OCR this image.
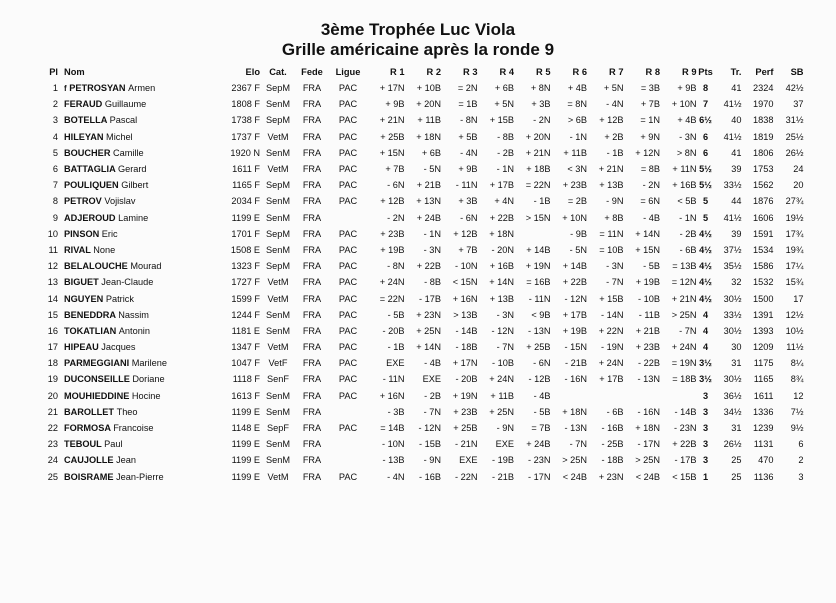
3ème Trophée Luc Viola
Grille américaine après la ronde 9
Pl	Nom	Elo	Cat.	Fede	Ligue	R 1	R 2	R 3	R 4	R 5	R 6	R 7	R 8	R 9	Pts	Tr.	Perf	SB
1	f PETROSYAN Armen	2367 F	SepM	FRA	PAC	+ 17N	+ 10B	= 2N	+ 6B	+ 8N	+ 4B	+ 5N	= 3B	+ 9B	8	41	2324	42½
2	FERAUD Guillaume	1808 F	SenM	FRA	PAC	+ 9B	+ 20N	= 1B	+ 5N	+ 3B	= 8N	- 4N	+ 7B	+ 10N	7	41½	1970	37
3	BOTELLA Pascal	1738 F	SepM	FRA	PAC	+ 21N	+ 11B	- 8N	+ 15B	- 2N	> 6B	+ 12B	= 1N	+ 4B	6½	40	1838	31½
4	HILEYAN Michel	1737 F	VetM	FRA	PAC	+ 25B	+ 18N	+ 5B	- 8B	+ 20N	- 1N	+ 2B	+ 9N	- 3N	6	41½	1819	25½
5	BOUCHER Camille	1920 N	SenM	FRA	PAC	+ 15N	+ 6B	- 4N	- 2B	+ 21N	+ 11B	- 1B	+ 12N	> 8N	6	41	1806	26½
6	BATTAGLIA Gerard	1611 F	VetM	FRA	PAC	+ 7B	- 5N	+ 9B	- 1N	+ 18B	< 3N	+ 21N	= 8B	+ 11N	5½	39	1753	24
7	POULIQUEN Gilbert	1165 F	SepM	FRA	PAC	- 6N	+ 21B	- 11N	+ 17B	= 22N	+ 23B	+ 13B	- 2N	+ 16B	5½	33½	1562	20
8	PETROV Vojislav	2034 F	SenM	FRA	PAC	+ 12B	+ 13N	+ 3B	+ 4N	- 1B	= 2B	- 9N	= 6N	< 5B	5	44	1876	27¾
9	ADJEROUD Lamine	1199 E	SenM	FRA		- 2N	+ 24B	- 6N	+ 22B	> 15N	+ 10N	+ 8B	- 4B	- 1N	5	41½	1606	19½
10	PINSON Eric	1701 F	SepM	FRA	PAC	+ 23B	- 1N	+ 12B	+ 18N		- 9B	= 11N	+ 14N	- 2B	4½	39	1591	17¾
11	RIVAL None	1508 E	SenM	FRA	PAC	+ 19B	- 3N	+ 7B	- 20N	+ 14B	- 5N	= 10B	+ 15N	- 6B	4½	37½	1534	19¾
12	BELALOUCHE Mourad	1323 F	SepM	FRA	PAC	- 8N	+ 22B	- 10N	+ 16B	+ 19N	+ 14B	- 3N	- 5B	= 13B	4½	35½	1586	17¼
13	BIGUET Jean-Claude	1727 F	VetM	FRA	PAC	+ 24N	- 8B	< 15N	+ 14N	= 16B	+ 22B	- 7N	+ 19B	= 12N	4½	32	1532	15¾
14	NGUYEN Patrick	1599 F	VetM	FRA	PAC	= 22N	- 17B	+ 16N	+ 13B	- 11N	- 12N	+ 15B	- 10B	+ 21N	4½	30½	1500	17
15	BENEDDRA Nassim	1244 F	SenM	FRA	PAC	- 5B	+ 23N	> 13B	- 3N	< 9B	+ 17B	- 14N	- 11B	> 25N	4	33½	1391	12½
16	TOKATLIAN Antonin	1181 E	SenM	FRA	PAC	- 20B	+ 25N	- 14B	- 12N	- 13N	+ 19B	+ 22N	+ 21B	- 7N	4	30½	1393	10½
17	HIPEAU Jacques	1347 F	VetM	FRA	PAC	- 1B	+ 14N	- 18B	- 7N	+ 25B	- 15N	- 19N	+ 23B	+ 24N	4	30	1209	11½
18	PARMEGGIANI Marilene	1047 F	VetF	FRA	PAC	EXE	- 4B	+ 17N	- 10B	- 6N	- 21B	+ 24N	- 22B	= 19N	3½	31	1175	8¼
19	DUCONSEILLE Doriane	1118 F	SenF	FRA	PAC	- 11N	EXE	- 20B	+ 24N	- 12B	- 16N	+ 17B	- 13N	= 18B	3½	30½	1165	8¾
20	MOUHIEDDINE Hocine	1613 F	SenM	FRA	PAC	+ 16N	- 2B	+ 19N	+ 11B	- 4B					3	36½	1611	12
21	BAROLLET Theo	1199 E	SenM	FRA		- 3B	- 7N	+ 23B	+ 25N	- 5B	+ 18N	- 6B	- 16N	- 14B	3	34½	1336	7½
22	FORMOSA Francoise	1148 E	SepF	FRA	PAC	= 14B	- 12N	+ 25B	- 9N	= 7B	- 13N	- 16B	+ 18N	- 23N	3	31	1239	9½
23	TEBOUL Paul	1199 E	SenM	FRA		- 10N	- 15B	- 21N	EXE	+ 24B	- 7N	- 25B	- 17N	+ 22B	3	26½	1131	6
24	CAUJOLLE Jean	1199 E	SenM	FRA		- 13B	- 9N	EXE	- 19B	- 23N	> 25N	- 18B	> 25N	- 17B	3	25	470	2
25	BOISRAME Jean-Pierre	1199 E	VetM	FRA	PAC	- 4N	- 16B	- 22N	- 21B	- 17N	< 24B	+ 23N	< 24B	< 15B	1	25	1136	3
